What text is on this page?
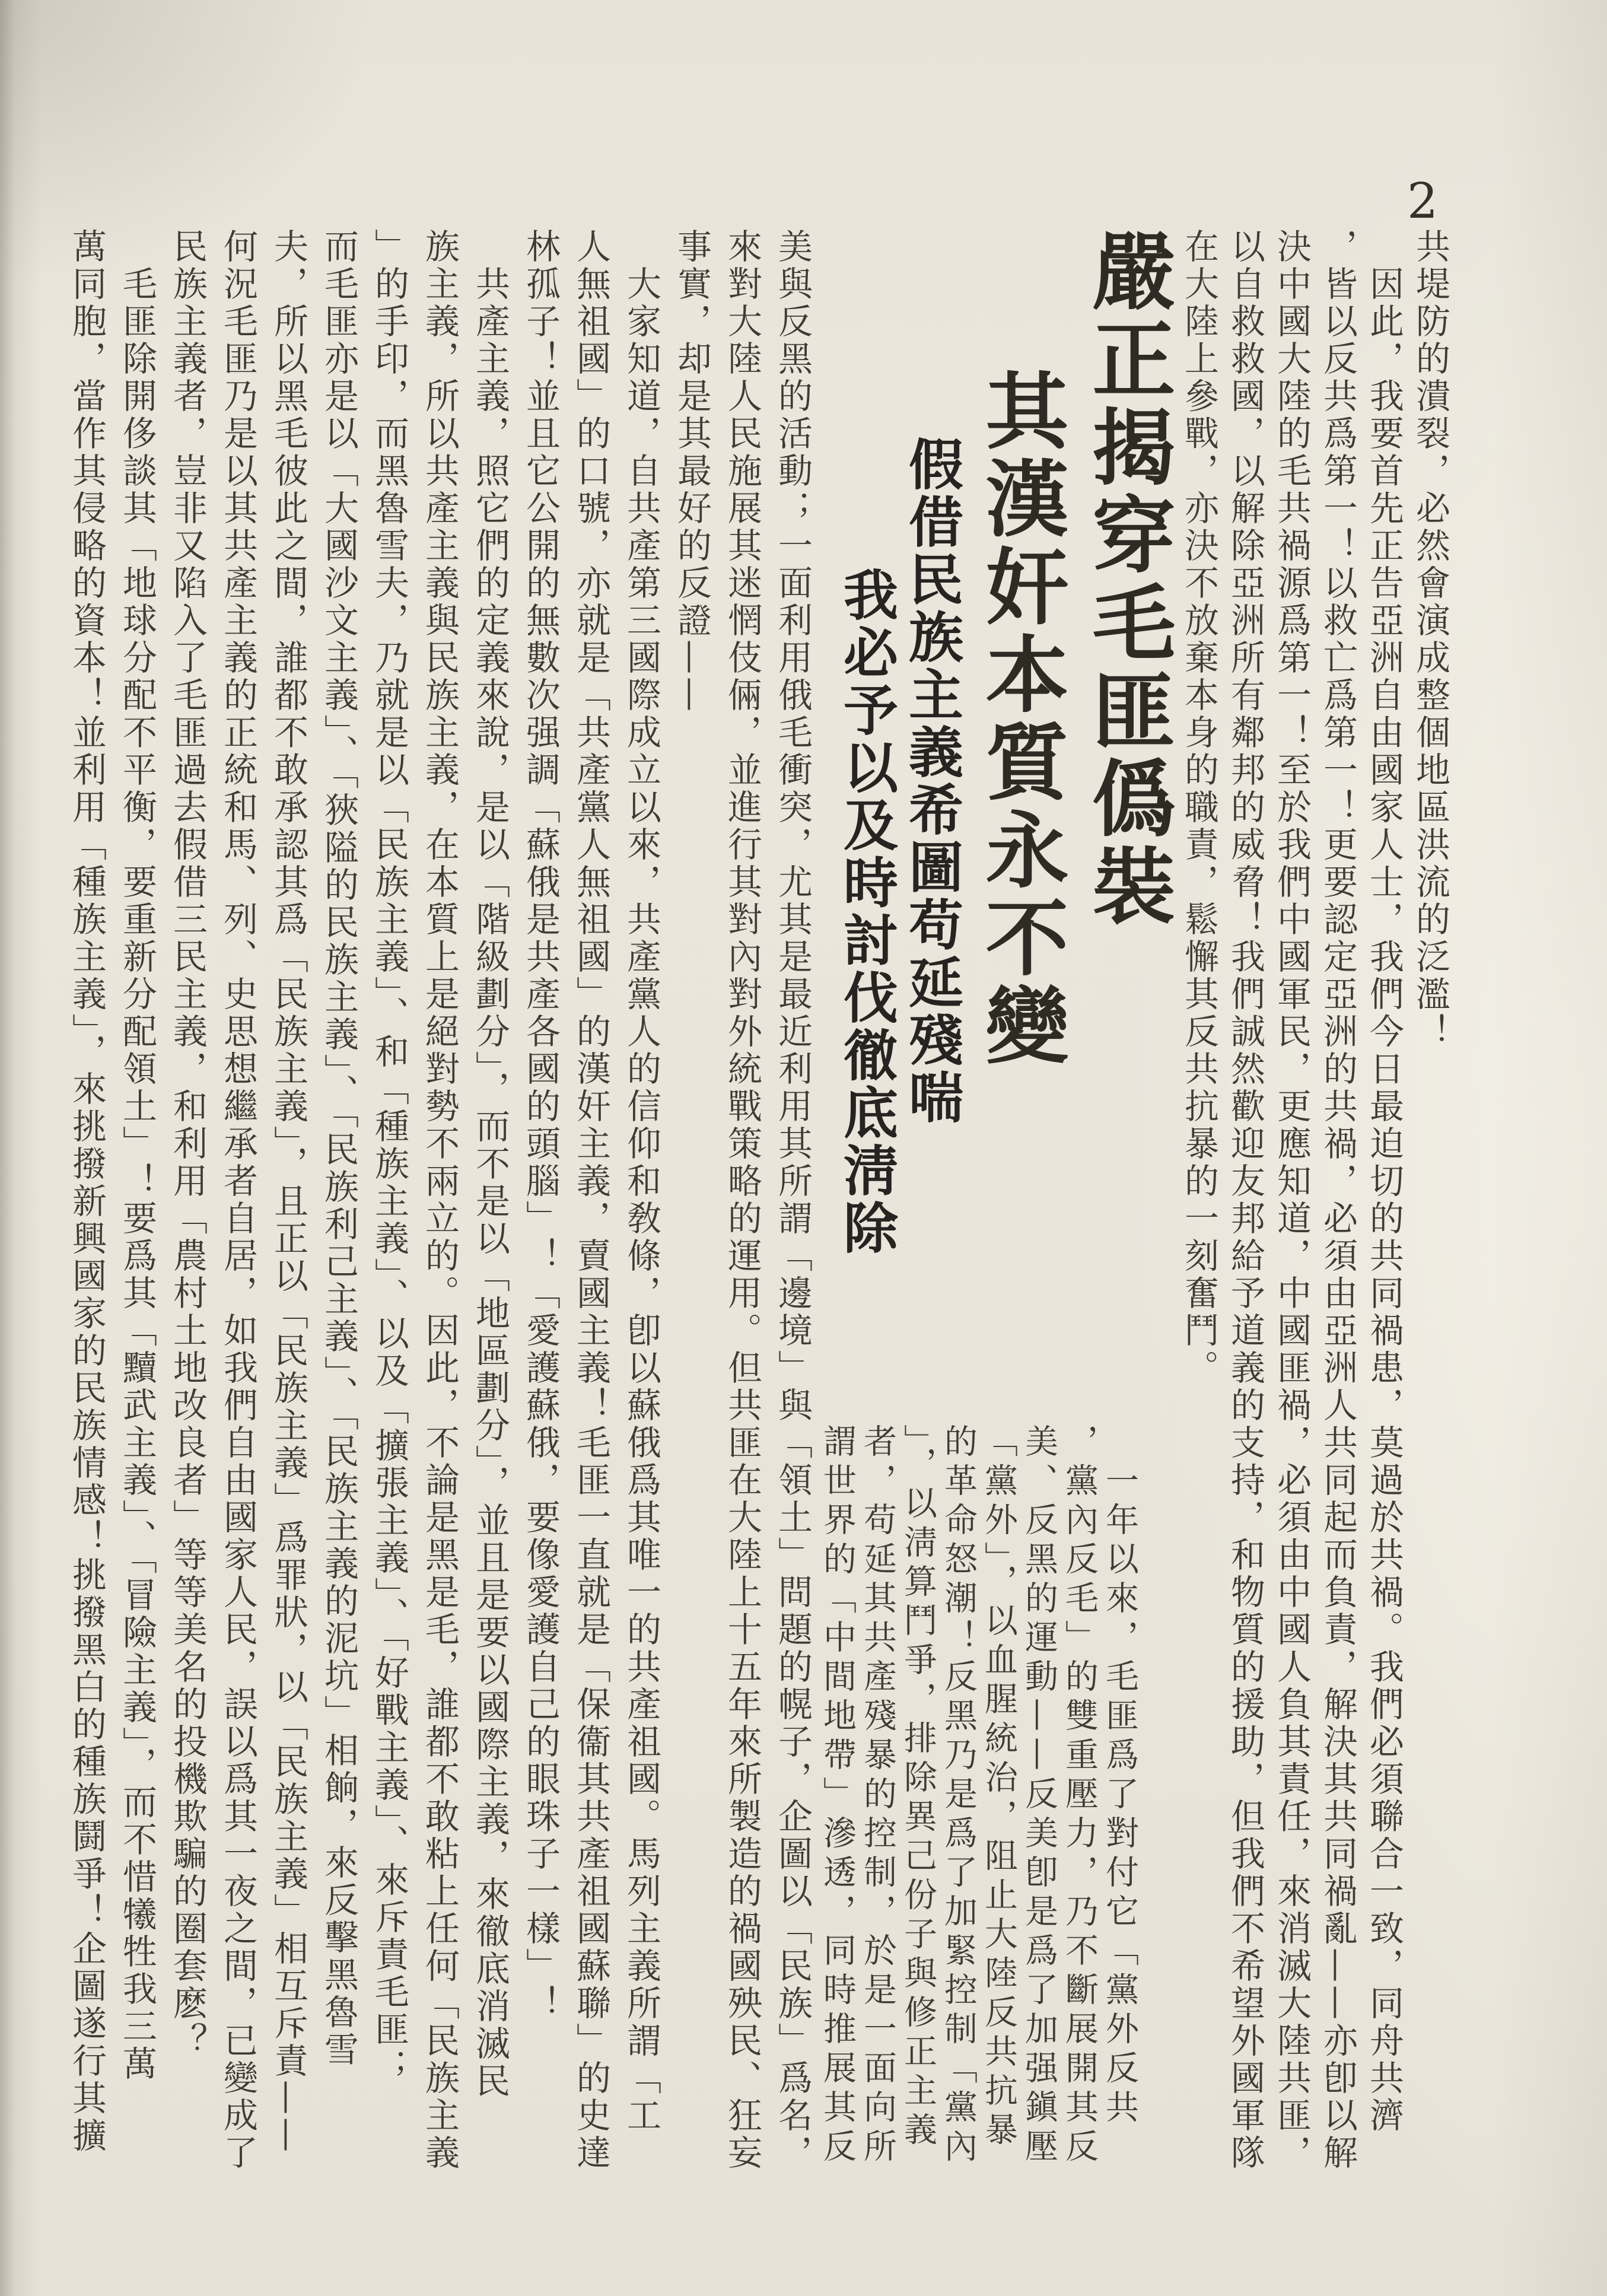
2
共堤防的潰裂，必然會演成整個地區洪流的泛濫！
　因此，我要首先正告亞洲自由國家人士，我們今日最迫切的共同禍患，莫過於共禍。我們必須聯合一致，同舟共濟
，皆以反共爲第一！以救亡爲第一！更要認定亞洲的共禍，必須由亞洲人共同起而負責，解決其共同禍亂——亦卽以解
決中國大陸的毛共禍源爲第一！至於我們中國軍民，更應知道，中國匪禍，必須由中國人負其責任，來消滅大陸共匪，
以自救救國，以解除亞洲所有鄰邦的威脅！我們誠然歡迎友邦給予道義的支持，和物質的援助，但我們不希望外國軍隊
在大陸上參戰，亦決不放棄本身的職責，鬆懈其反共抗暴的一刻奮鬥。
嚴正揭穿毛匪僞裝
其漢奸本質永不變
假借民族主義希圖苟延殘喘
我必予以及時討伐徹底淸除
　一年以來，毛匪爲了對付它「黨外反共
，黨內反毛」的雙重壓力，乃不斷展開其反
美、反黑的運動——反美卽是爲了加强鎭壓
「黨外」，以血腥統治，阻止大陸反共抗暴
的革命怒潮！反黑乃是爲了加緊控制「黨內
」，以淸算鬥爭，排除異己份子與修正主義
者，苟延其共產殘暴的控制，於是一面向所
謂世界的「中間地帶」滲透，同時推展其反
美與反黑的活動；一面利用俄毛衝突，尤其是最近利用其所謂「邊境」與「領土」問題的幌子，企圖以「民族」爲名，
來對大陸人民施展其迷惘伎倆，並進行其對內對外統戰策略的運用。但共匪在大陸上十五年來所製造的禍國殃民、狂妄
事實，却是其最好的反證——
　大家知道，自共產第三國際成立以來，共產黨人的信仰和敎條，卽以蘇俄爲其唯一的共產祖國。馬列主義所謂「工
人無祖國」的口號，亦就是「共產黨人無祖國」的漢奸主義，賣國主義！毛匪一直就是「保衞其共產祖國蘇聯」的史達
林孤子！並且它公開的無數次强調「蘇俄是共產各國的頭腦」！「愛護蘇俄，要像愛護自己的眼珠子一樣」！
　共產主義，照它們的定義來說，是以「階級劃分」，而不是以「地區劃分」，並且是要以國際主義，來徹底消滅民
族主義，所以共產主義與民族主義，在本質上是絕對勢不兩立的。因此，不論是黑是毛，誰都不敢粘上任何「民族主義
」的手印，而黑魯雪夫，乃就是以「民族主義」、和「種族主義」、以及「擴張主義」、「好戰主義」、來斥責毛匪；
而毛匪亦是以「大國沙文主義」、「狹隘的民族主義」、「民族利己主義」、「民族主義的泥坑」相餉，來反擊黑魯雪
夫，所以黑毛彼此之間，誰都不敢承認其爲「民族主義」，且正以「民族主義」爲罪狀，以「民族主義」相互斥責——
何況毛匪乃是以其共產主義的正統和馬、列、史思想繼承者自居，如我們自由國家人民，誤以爲其一夜之間，已變成了
民族主義者，豈非又陷入了毛匪過去假借三民主義，和利用「農村土地改良者」等等美名的投機欺騙的圈套麽？
　毛匪除開侈談其「地球分配不平衡，要重新分配領土」！要爲其「黷武主義」、「冒險主義」，而不惜犧牲我三萬
萬同胞，當作其侵略的資本！並利用「種族主義」，來挑撥新興國家的民族情感！挑撥黑白的種族鬪爭！企圖遂行其擴
